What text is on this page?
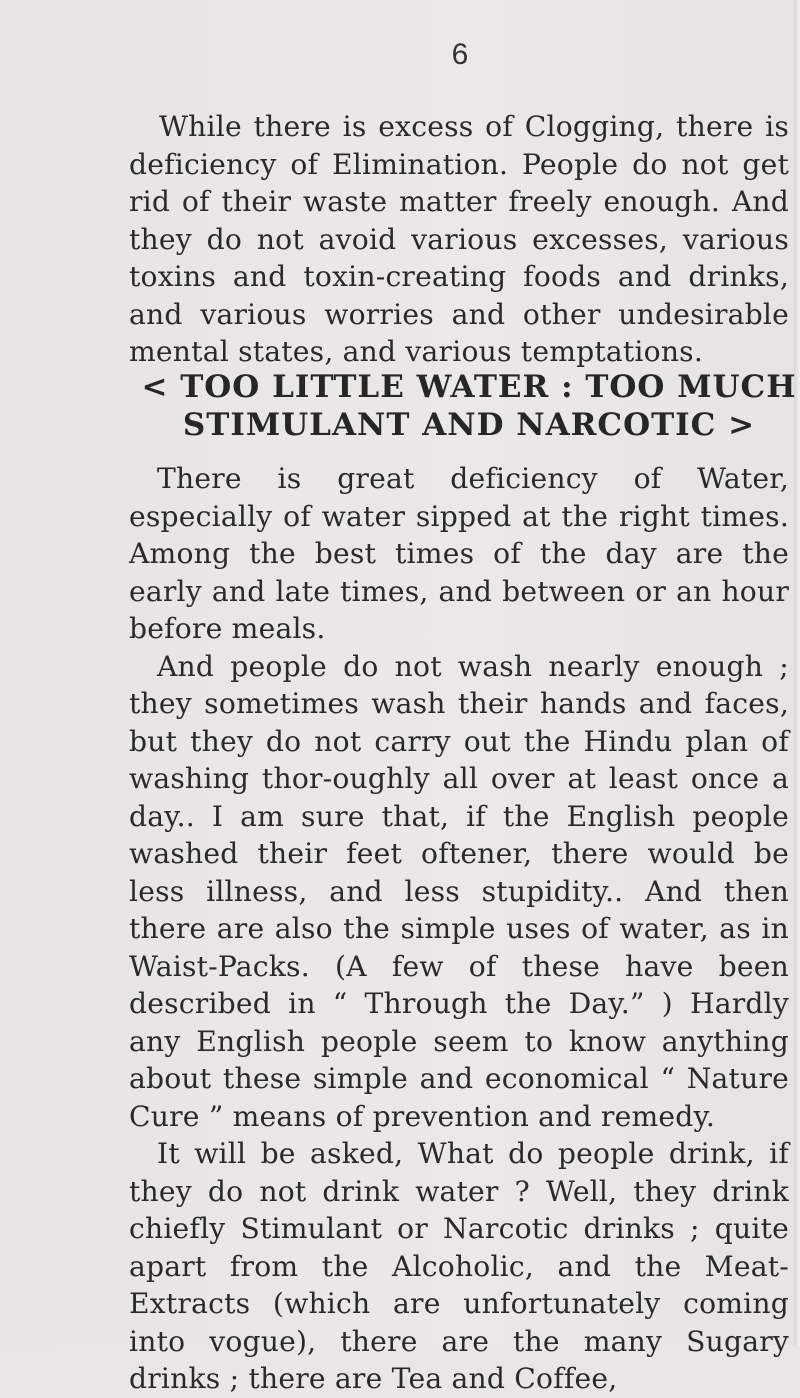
6

While there is excess of Clogging, there is deficiency of Elimination. People do not get rid of their waste matter freely enough. And they do not avoid various excesses, various toxins and toxin-creating foods and drinks, and various worries and other undesirable mental states, and various temptations.

< TOO LITTLE WATER : TOO MUCH
STIMULANT AND NARCOTIC >

There is great deficiency of Water, especially of water sipped at the right times. Among the best times of the day are the early and late times, and between or an hour before meals.

And people do not wash nearly enough ; they sometimes wash their hands and faces, but they do not carry out the Hindu plan of washing thor-oughly all over at least once a day.. I am sure that, if the English people washed their feet oftener, there would be less illness, and less stupidity.. And then there are also the simple uses of water, as in Waist-Packs. (A few of these have been described in “ Through the Day.” ) Hardly any English people seem to know anything about these simple and economical “ Nature Cure ” means of prevention and remedy.

It will be asked, What do people drink, if they do not drink water ? Well, they drink chiefly Stimulant or Narcotic drinks ; quite apart from the Alcoholic, and the Meat-Extracts (which are unfortunately coming into vogue), there are the many Sugary drinks ; there are Tea and Coffee,
